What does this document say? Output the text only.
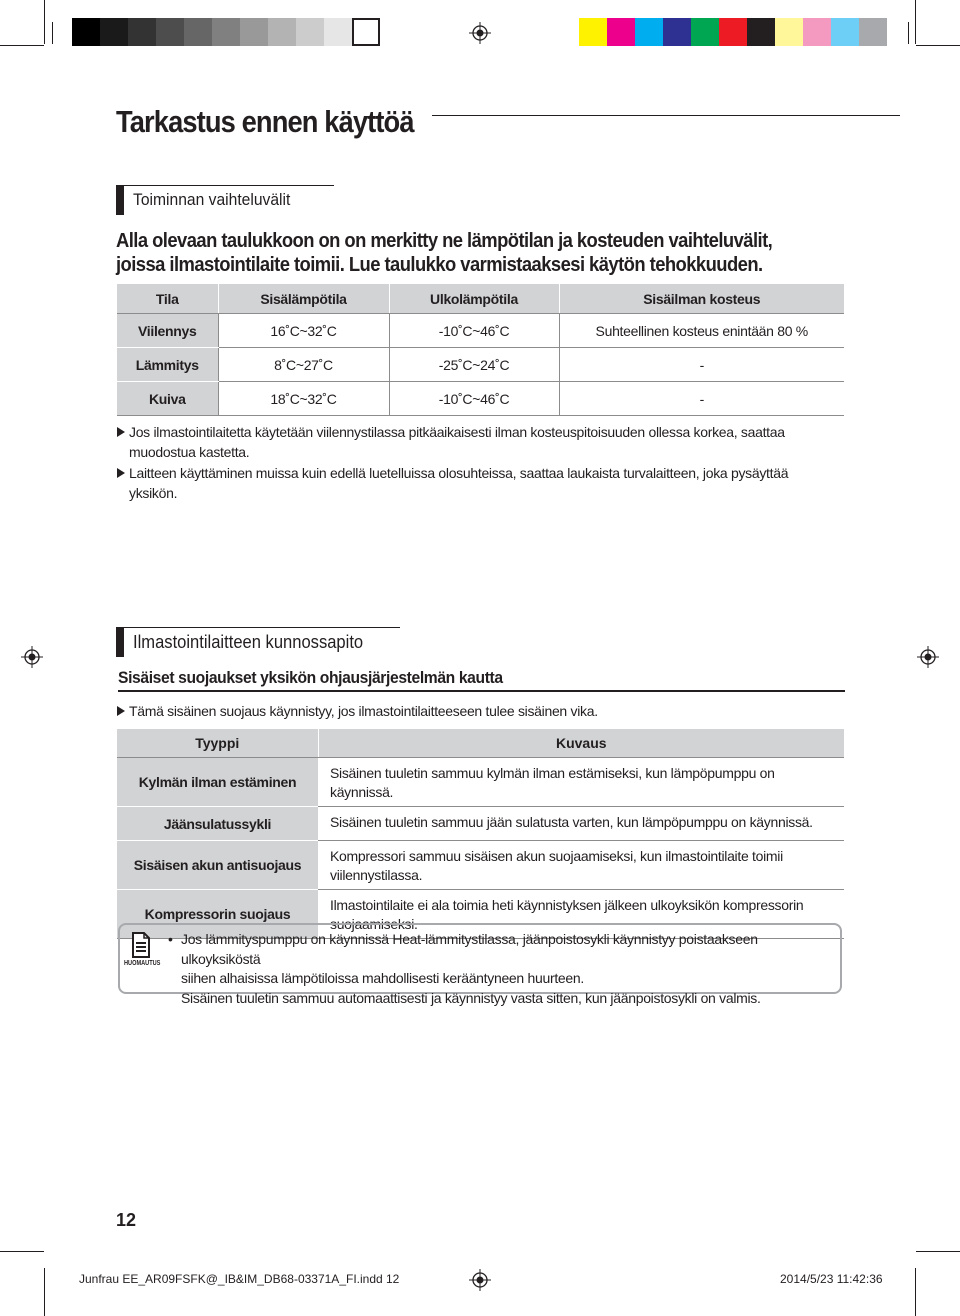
Tarkastus ennen käyttöä
Toiminnan vaihteluvälit
Alla olevaan taulukkoon on on merkitty ne lämpötilan ja kosteuden vaihteluvälit, joissa ilmastointilaite toimii. Lue taulukko varmistaaksesi käytön tehokkuuden.
Tila	Sisälämpötila	Ulkolämpötila	Sisäilman kosteus
Viilennys	16˚C~32˚C	-10˚C~46˚C	Suhteellinen kosteus enintään 80 %
Lämmitys	8˚C~27˚C	-25˚C~24˚C	-
Kuiva	18˚C~32˚C	-10˚C~46˚C	-
Jos ilmastointilaitetta käytetään viilennystilassa pitkäaikaisesti ilman kosteuspitoisuuden ollessa korkea, saattaa muodostua kastetta.
Laitteen käyttäminen muissa kuin edellä luetelluissa olosuhteissa, saattaa laukaista turvalaitteen, joka pysäyttää yksikön.
Ilmastointilaitteen kunnossapito
Sisäiset suojaukset yksikön ohjausjärjestelmän kautta
Tämä sisäinen suojaus käynnistyy, jos ilmastointilaitteeseen tulee sisäinen vika.
Tyyppi	Kuvaus
Kylmän ilman estäminen	Sisäinen tuuletin sammuu kylmän ilman estämiseksi, kun lämpöpumppu on käynnissä.
Jäänsulatussykli	Sisäinen tuuletin sammuu jään sulatusta varten, kun lämpöpumppu on käynnissä.
Sisäisen akun antisuojaus	Kompressori sammuu sisäisen akun suojaamiseksi, kun ilmastointilaite toimii viilennystilassa.
Kompressorin suojaus	Ilmastointilaite ei ala toimia heti käynnistyksen jälkeen ulkoyksikön kompressorin suojaamiseksi.
HUOMAUTUS
• Jos lämmityspumppu on käynnissä Heat-lämmitystilassa, jäänpoistosykli käynnistyy poistaakseen ulkoyksiköstä
siihen alhaisissa lämpötiloissa mahdollisesti kerääntyneen huurteen.
Sisäinen tuuletin sammuu automaattisesti ja käynnistyy vasta sitten, kun jäänpoistosykli on valmis.
12
Junfrau EE_AR09FSFK@_IB&IM_DB68-03371A_FI.indd 12	2014/5/23 11:42:36
